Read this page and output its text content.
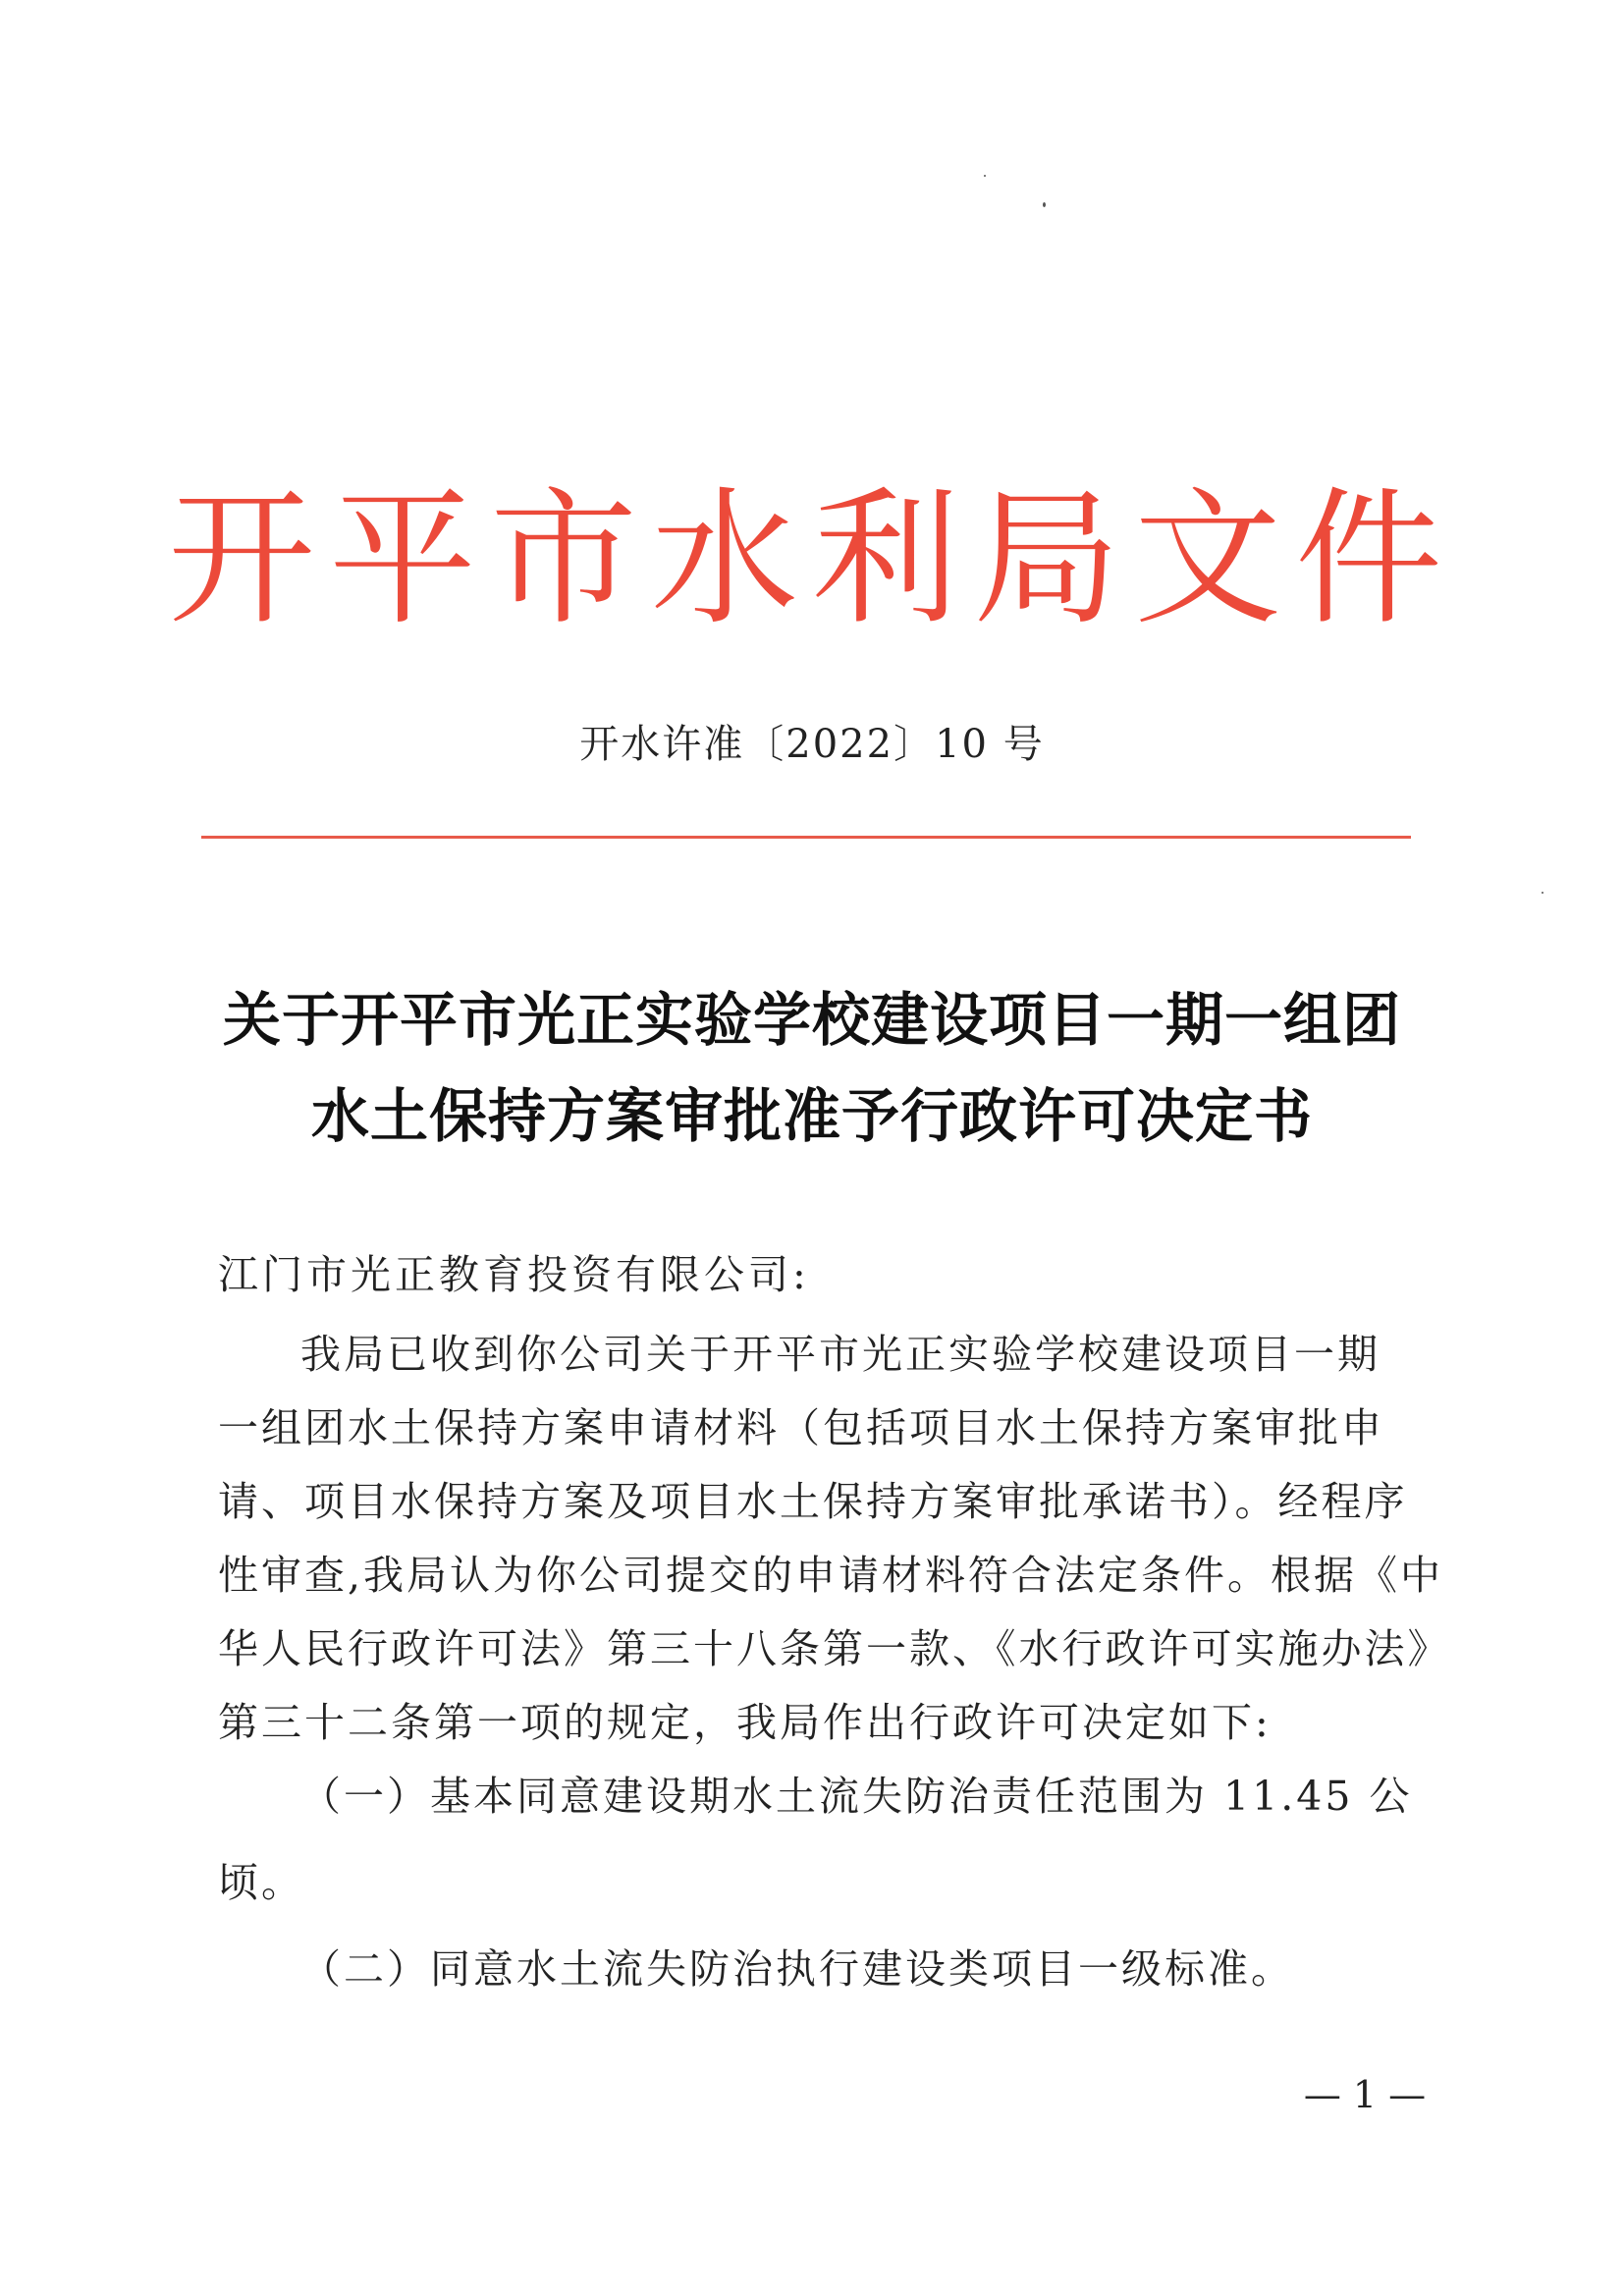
开平市水利局文件
开水许准〔2022〕10 号
关于开平市光正实验学校建设项目一期一组团
水土保持方案审批准予行政许可决定书
江门市光正教育投资有限公司:
我局已收到你公司关于开平市光正实验学校建设项目一期
一组团水土保持方案申请材料（包括项目水土保持方案审批申
请、项目水保持方案及项目水土保持方案审批承诺书）。经程序
性审查,我局认为你公司提交的申请材料符合法定条件。根据《中
华人民行政许可法》第三十八条第一款、《水行政许可实施办法》
第三十二条第一项的规定，我局作出行政许可决定如下:
（一）基本同意建设期水土流失防治责任范围为 11.45 公
顷。
（二）同意水土流失防治执行建设类项目一级标准。
— 1 —
